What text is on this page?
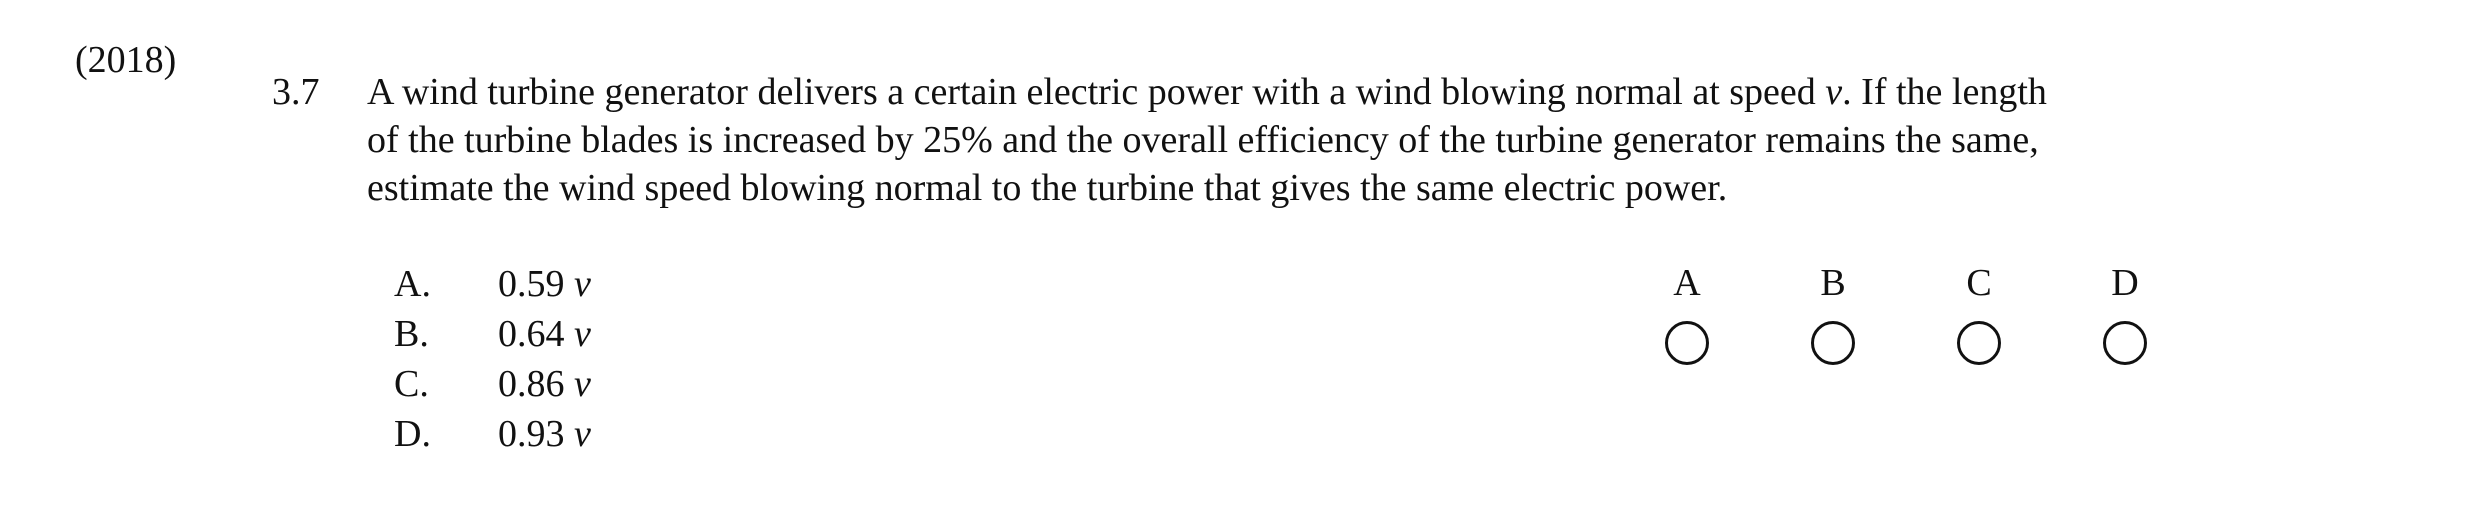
(2018)
3.7 A wind turbine generator delivers a certain electric power with a wind blowing normal at speed v. If the length
of the turbine blades is increased by 25% and the overall efficiency of the turbine generator remains the same,
estimate the wind speed blowing normal to the turbine that gives the same electric power.
A.	0.59 v
B.	0.64 v
C.	0.86 v
D.	0.93 v
A	B	C	D
